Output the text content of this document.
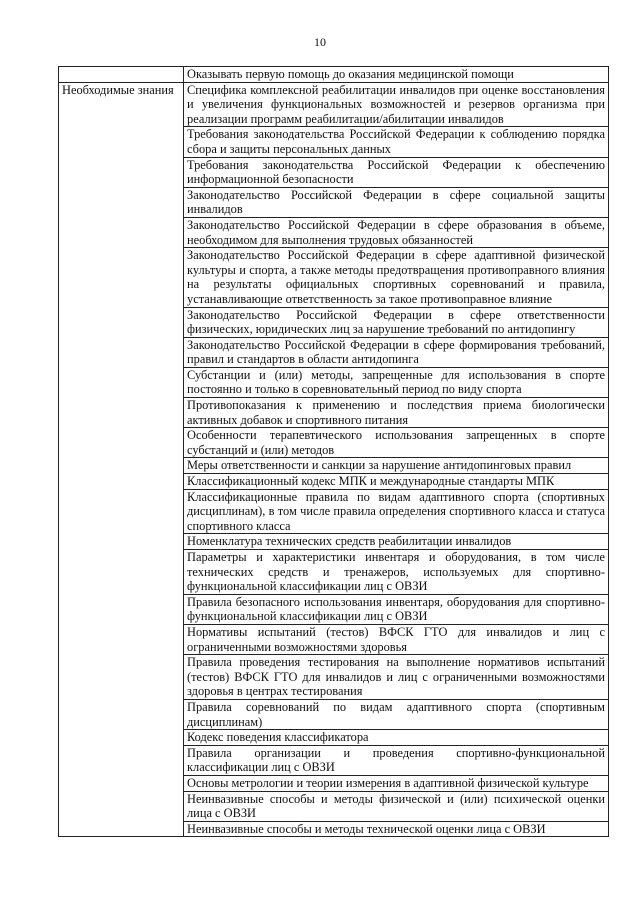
10
	Оказывать первую помощь до оказания медицинской помощи
Необходимые знания	Специфика комплексной реабилитации инвалидов при оценке восстановления и увеличения функциональных возможностей и резервов организма при реализации программ реабилитации/абилитации инвалидов
	Требования законодательства Российской Федерации к соблюдению порядка сбора и защиты персональных данных
	Требования законодательства Российской Федерации к обеспечению информационной безопасности
	Законодательство Российской Федерации в сфере социальной защиты инвалидов
	Законодательство Российской Федерации в сфере образования в объеме, необходимом для выполнения трудовых обязанностей
	Законодательство Российской Федерации в сфере адаптивной физической культуры и спорта, а также методы предотвращения противоправного влияния на результаты официальных спортивных соревнований и правила, устанавливающие ответственность за такое противоправное влияние
	Законодательство Российской Федерации в сфере ответственности физических, юридических лиц за нарушение требований по антидопингу
	Законодательство Российской Федерации в сфере формирования требований, правил и стандартов в области антидопинга
	Субстанции и (или) методы, запрещенные для использования в спорте постоянно и только в соревновательный период по виду спорта
	Противопоказания к применению и последствия приема биологически активных добавок и спортивного питания
	Особенности терапевтического использования запрещенных в спорте субстанций и (или) методов
	Меры ответственности и санкции за нарушение антидопинговых правил
	Классификационный кодекс МПК и международные стандарты МПК
	Классификационные правила по видам адаптивного спорта (спортивных дисциплинам), в том числе правила определения спортивного класса и статуса спортивного класса
	Номенклатура технических средств реабилитации инвалидов
	Параметры и характеристики инвентаря и оборудования, в том числе технических средств и тренажеров, используемых для спортивно-функциональной классификации лиц с ОВЗИ
	Правила безопасного использования инвентаря, оборудования для спортивно-функциональной классификации лиц с ОВЗИ
	Нормативы испытаний (тестов) ВФСК ГТО для инвалидов и лиц с ограниченными возможностями здоровья
	Правила проведения тестирования на выполнение нормативов испытаний (тестов) ВФСК ГТО для инвалидов и лиц с ограниченными возможностями здоровья в центрах тестирования
	Правила соревнований по видам адаптивного спорта (спортивным дисциплинам)
	Кодекс поведения классификатора
	Правила организации и проведения спортивно-функциональной классификации лиц с ОВЗИ
	Основы метрологии и теории измерения в адаптивной физической культуре
	Неинвазивные способы и методы физической и (или) психической оценки лица с ОВЗИ
	Неинвазивные способы и методы технической оценки лица с ОВЗИ
